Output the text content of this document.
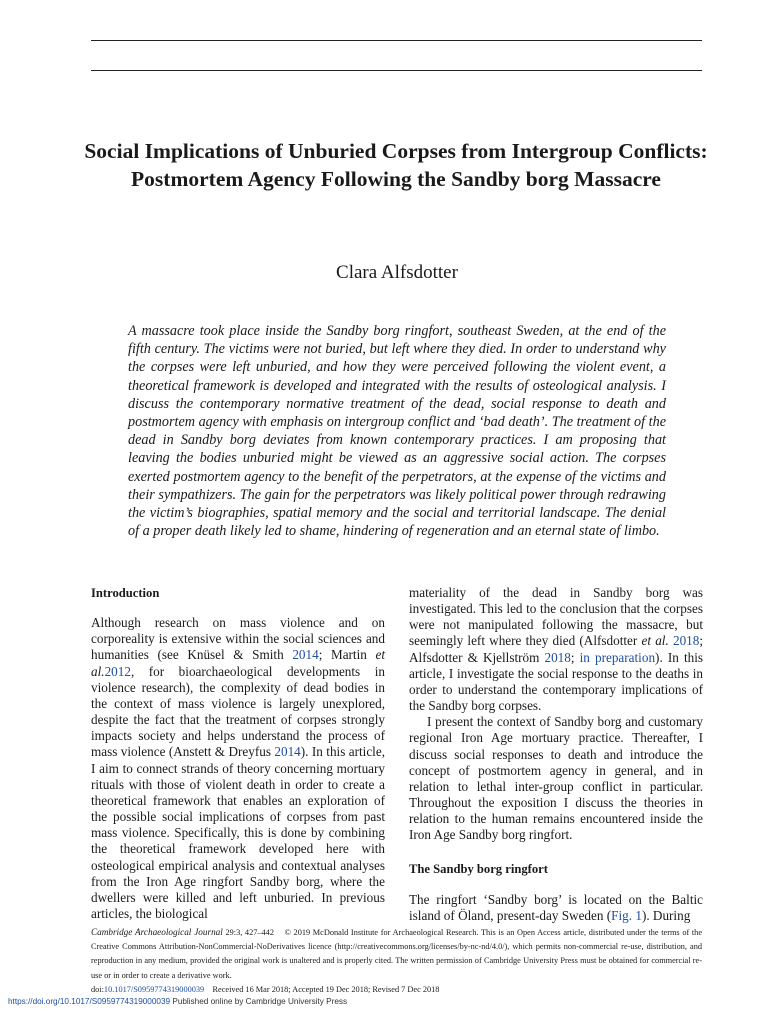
Social Implications of Unburied Corpses from Intergroup Conflicts: Postmortem Agency Following the Sandby borg Massacre
Clara Alfsdotter

A massacre took place inside the Sandby borg ringfort, southeast Sweden, at the end of the fifth century. The victims were not buried, but left where they died. In order to understand why the corpses were left unburied, and how they were perceived following the violent event, a theoretical framework is developed and integrated with the results of osteological analysis. I discuss the contemporary normative treatment of the dead, social response to death and postmortem agency with emphasis on intergroup conflict and ‘bad death’. The treatment of the dead in Sandby borg deviates from known contemporary practices. I am proposing that leaving the bodies unburied might be viewed as an aggressive social action. The corpses exerted postmortem agency to the benefit of the perpetrators, at the expense of the victims and their sympathizers. The gain for the perpetrators was likely political power through redrawing the victim’s biographies, spatial memory and the social and territorial landscape. The denial of a proper death likely led to shame, hindering of regeneration and an eternal state of limbo.

Introduction

Although research on mass violence and on corporeality is extensive within the social sciences and humanities (see Knüsel & Smith 2014; Martin et al.2012, for bioarchaeological developments in violence research), the complexity of dead bodies in the context of mass violence is largely unexplored, despite the fact that the treatment of corpses strongly impacts society and helps understand the process of mass violence (Anstett & Dreyfus 2014). In this article, I aim to connect strands of theory concerning mortuary rituals with those of violent death in order to create a theoretical framework that enables an exploration of the possible social implications of corpses from past mass violence. Specifically, this is done by combining the theoretical framework developed here with osteological empirical analysis and contextual analyses from the Iron Age ringfort Sandby borg, where the dwellers were killed and left unburied. In previous articles, the biological

materiality of the dead in Sandby borg was investigated. This led to the conclusion that the corpses were not manipulated following the massacre, but seemingly left where they died (Alfsdotter et al. 2018; Alfsdotter & Kjellström 2018; in preparation). In this article, I investigate the social response to the deaths in order to understand the contemporary implications of the Sandby borg corpses.

I present the context of Sandby borg and customary regional Iron Age mortuary practice. Thereafter, I discuss social responses to death and introduce the concept of postmortem agency in general, and in relation to lethal inter-group conflict in particular. Throughout the exposition I discuss the theories in relation to the human remains encountered inside the Iron Age Sandby borg ringfort.

The Sandby borg ringfort

The ringfort ‘Sandby borg’ is located on the Baltic island of Öland, present-day Sweden (Fig. 1). During

Cambridge Archaeological Journal 29:3, 427–442 © 2019 McDonald Institute for Archaeological Research. This is an Open Access article, distributed under the terms of the Creative Commons Attribution-NonCommercial-NoDerivatives licence (http://creativecommons.org/licenses/by-nc-nd/4.0/), which permits non-commercial re-use, distribution, and reproduction in any medium, provided the original work is unaltered and is properly cited. The written permission of Cambridge University Press must be obtained for commercial re-use or in order to create a derivative work.
doi:10.1017/S0959774319000039 Received 16 Mar 2018; Accepted 19 Dec 2018; Revised 7 Dec 2018

https://doi.org/10.1017/S0959774319000039 Published online by Cambridge University Press
